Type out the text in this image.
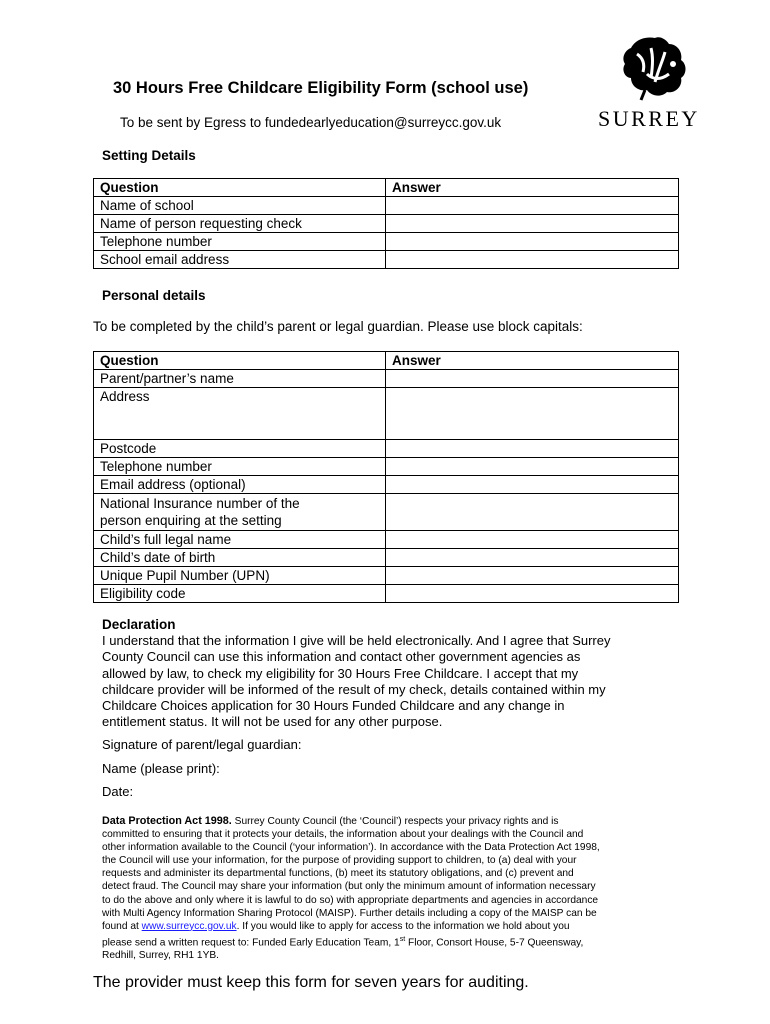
30 Hours Free Childcare Eligibility Form (school use)
To be sent by Egress to fundedearlyeducation@surreycc.gov.uk	SURREY
Setting Details
Question	Answer
Name of school	
Name of person requesting check	
Telephone number	
School email address	
Personal details
To be completed by the child’s parent or legal guardian. Please use block capitals:
Question	Answer
Parent/partner’s name	
Address	
Postcode	
Telephone number	
Email address (optional)	

National Insurance number of the
person enquiring at the setting	

Child’s full legal name	
Child’s date of birth	
Unique Pupil Number (UPN)	
Eligibility code	
Declaration
I understand that the information I give will be held electronically. And I agree that Surrey
County Council can use this information and contact other government agencies as
allowed by law, to check my eligibility for 30 Hours Free Childcare. I accept that my
childcare provider will be informed of the result of my check, details contained within my
Childcare Choices application for 30 Hours Funded Childcare and any change in
entitlement status. It will not be used for any other purpose.
Signature of parent/legal guardian:
Name (please print):
Date:
Data Protection Act 1998. Surrey County Council (the ‘Council’) respects your privacy rights and is
committed to ensuring that it protects your details, the information about your dealings with the Council and
other information available to the Council (‘your information’). In accordance with the Data Protection Act 1998,
the Council will use your information, for the purpose of providing support to children, to (a) deal with your
requests and administer its departmental functions, (b) meet its statutory obligations, and (c) prevent and
detect fraud. The Council may share your information (but only the minimum amount of information necessary
to do the above and only where it is lawful to do so) with appropriate departments and agencies in accordance
with Multi Agency Information Sharing Protocol (MAISP). Further details including a copy of the MAISP can be
found at www.surreycc.gov.uk. If you would like to apply for access to the information we hold about you
please send a written request to: Funded Early Education Team, 1st Floor, Consort House, 5-7 Queensway,
Redhill, Surrey, RH1 1YB.
The provider must keep this form for seven years for auditing.
